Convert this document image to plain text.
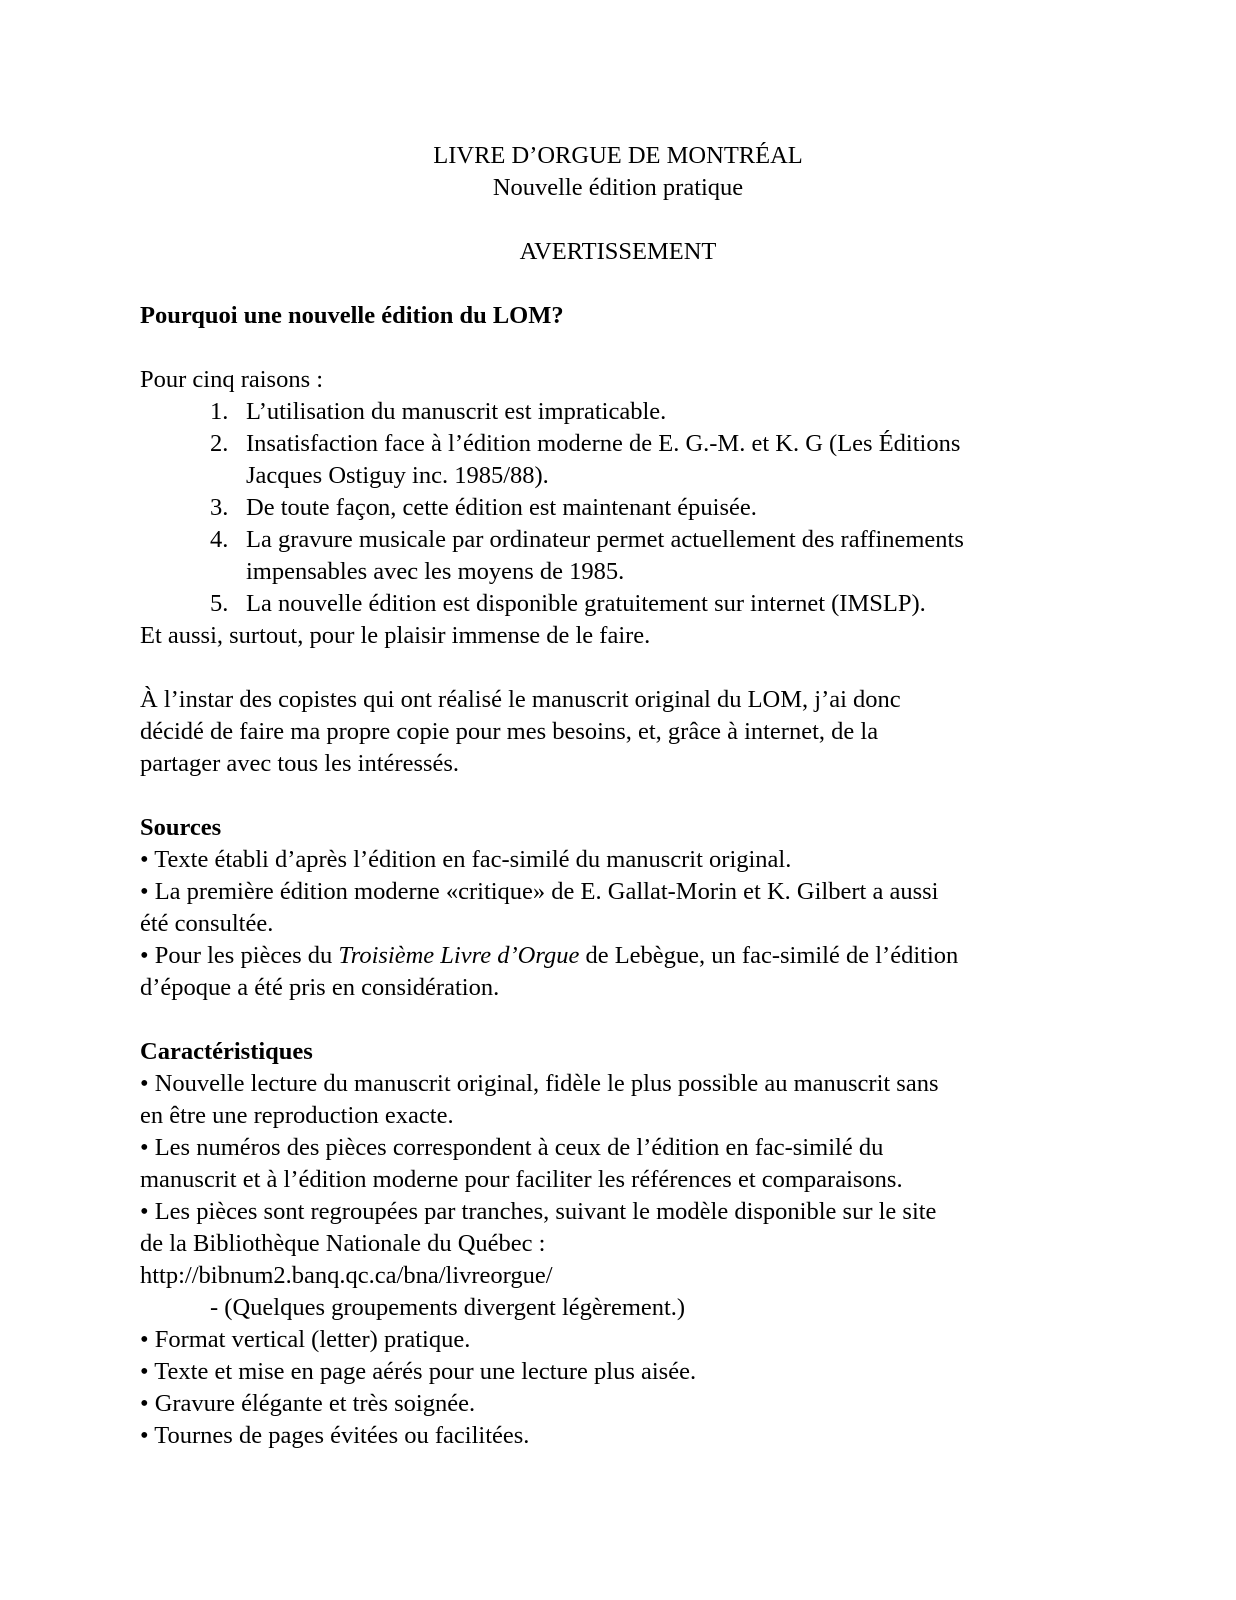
LIVRE D’ORGUE DE MONTRÉAL
Nouvelle édition pratique
AVERTISSEMENT
Pourquoi une nouvelle édition du LOM?
Pour cinq raisons :
1. L’utilisation du manuscrit est impraticable.
2. Insatisfaction face à l’édition moderne de E. G.-M. et K. G (Les Éditions
Jacques Ostiguy inc. 1985/88).
3. De toute façon, cette édition est maintenant épuisée.
4. La gravure musicale par ordinateur permet actuellement des raffinements
impensables avec les moyens de 1985.
5. La nouvelle édition est disponible gratuitement sur internet (IMSLP).
Et aussi, surtout, pour le plaisir immense de le faire.
À l’instar des copistes qui ont réalisé le manuscrit original du LOM, j’ai donc
décidé de faire ma propre copie pour mes besoins, et, grâce à internet, de la
partager avec tous les intéressés.
Sources
• Texte établi d’après l’édition en fac-similé du manuscrit original.
• La première édition moderne «critique» de E. Gallat-Morin et K. Gilbert a aussi
été consultée.
• Pour les pièces du Troisième Livre d’Orgue de Lebègue, un fac-similé de l’édition
d’époque a été pris en considération.
Caractéristiques
• Nouvelle lecture du manuscrit original, fidèle le plus possible au manuscrit sans
en être une reproduction exacte.
• Les numéros des pièces correspondent à ceux de l’édition en fac-similé du
manuscrit et à l’édition moderne pour faciliter les références et comparaisons.
• Les pièces sont regroupées par tranches, suivant le modèle disponible sur le site
de la Bibliothèque Nationale du Québec :
http://bibnum2.banq.qc.ca/bna/livreorgue/
- (Quelques groupements divergent légèrement.)
• Format vertical (letter) pratique.
• Texte et mise en page aérés pour une lecture plus aisée.
• Gravure élégante et très soignée.
• Tournes de pages évitées ou facilitées.
